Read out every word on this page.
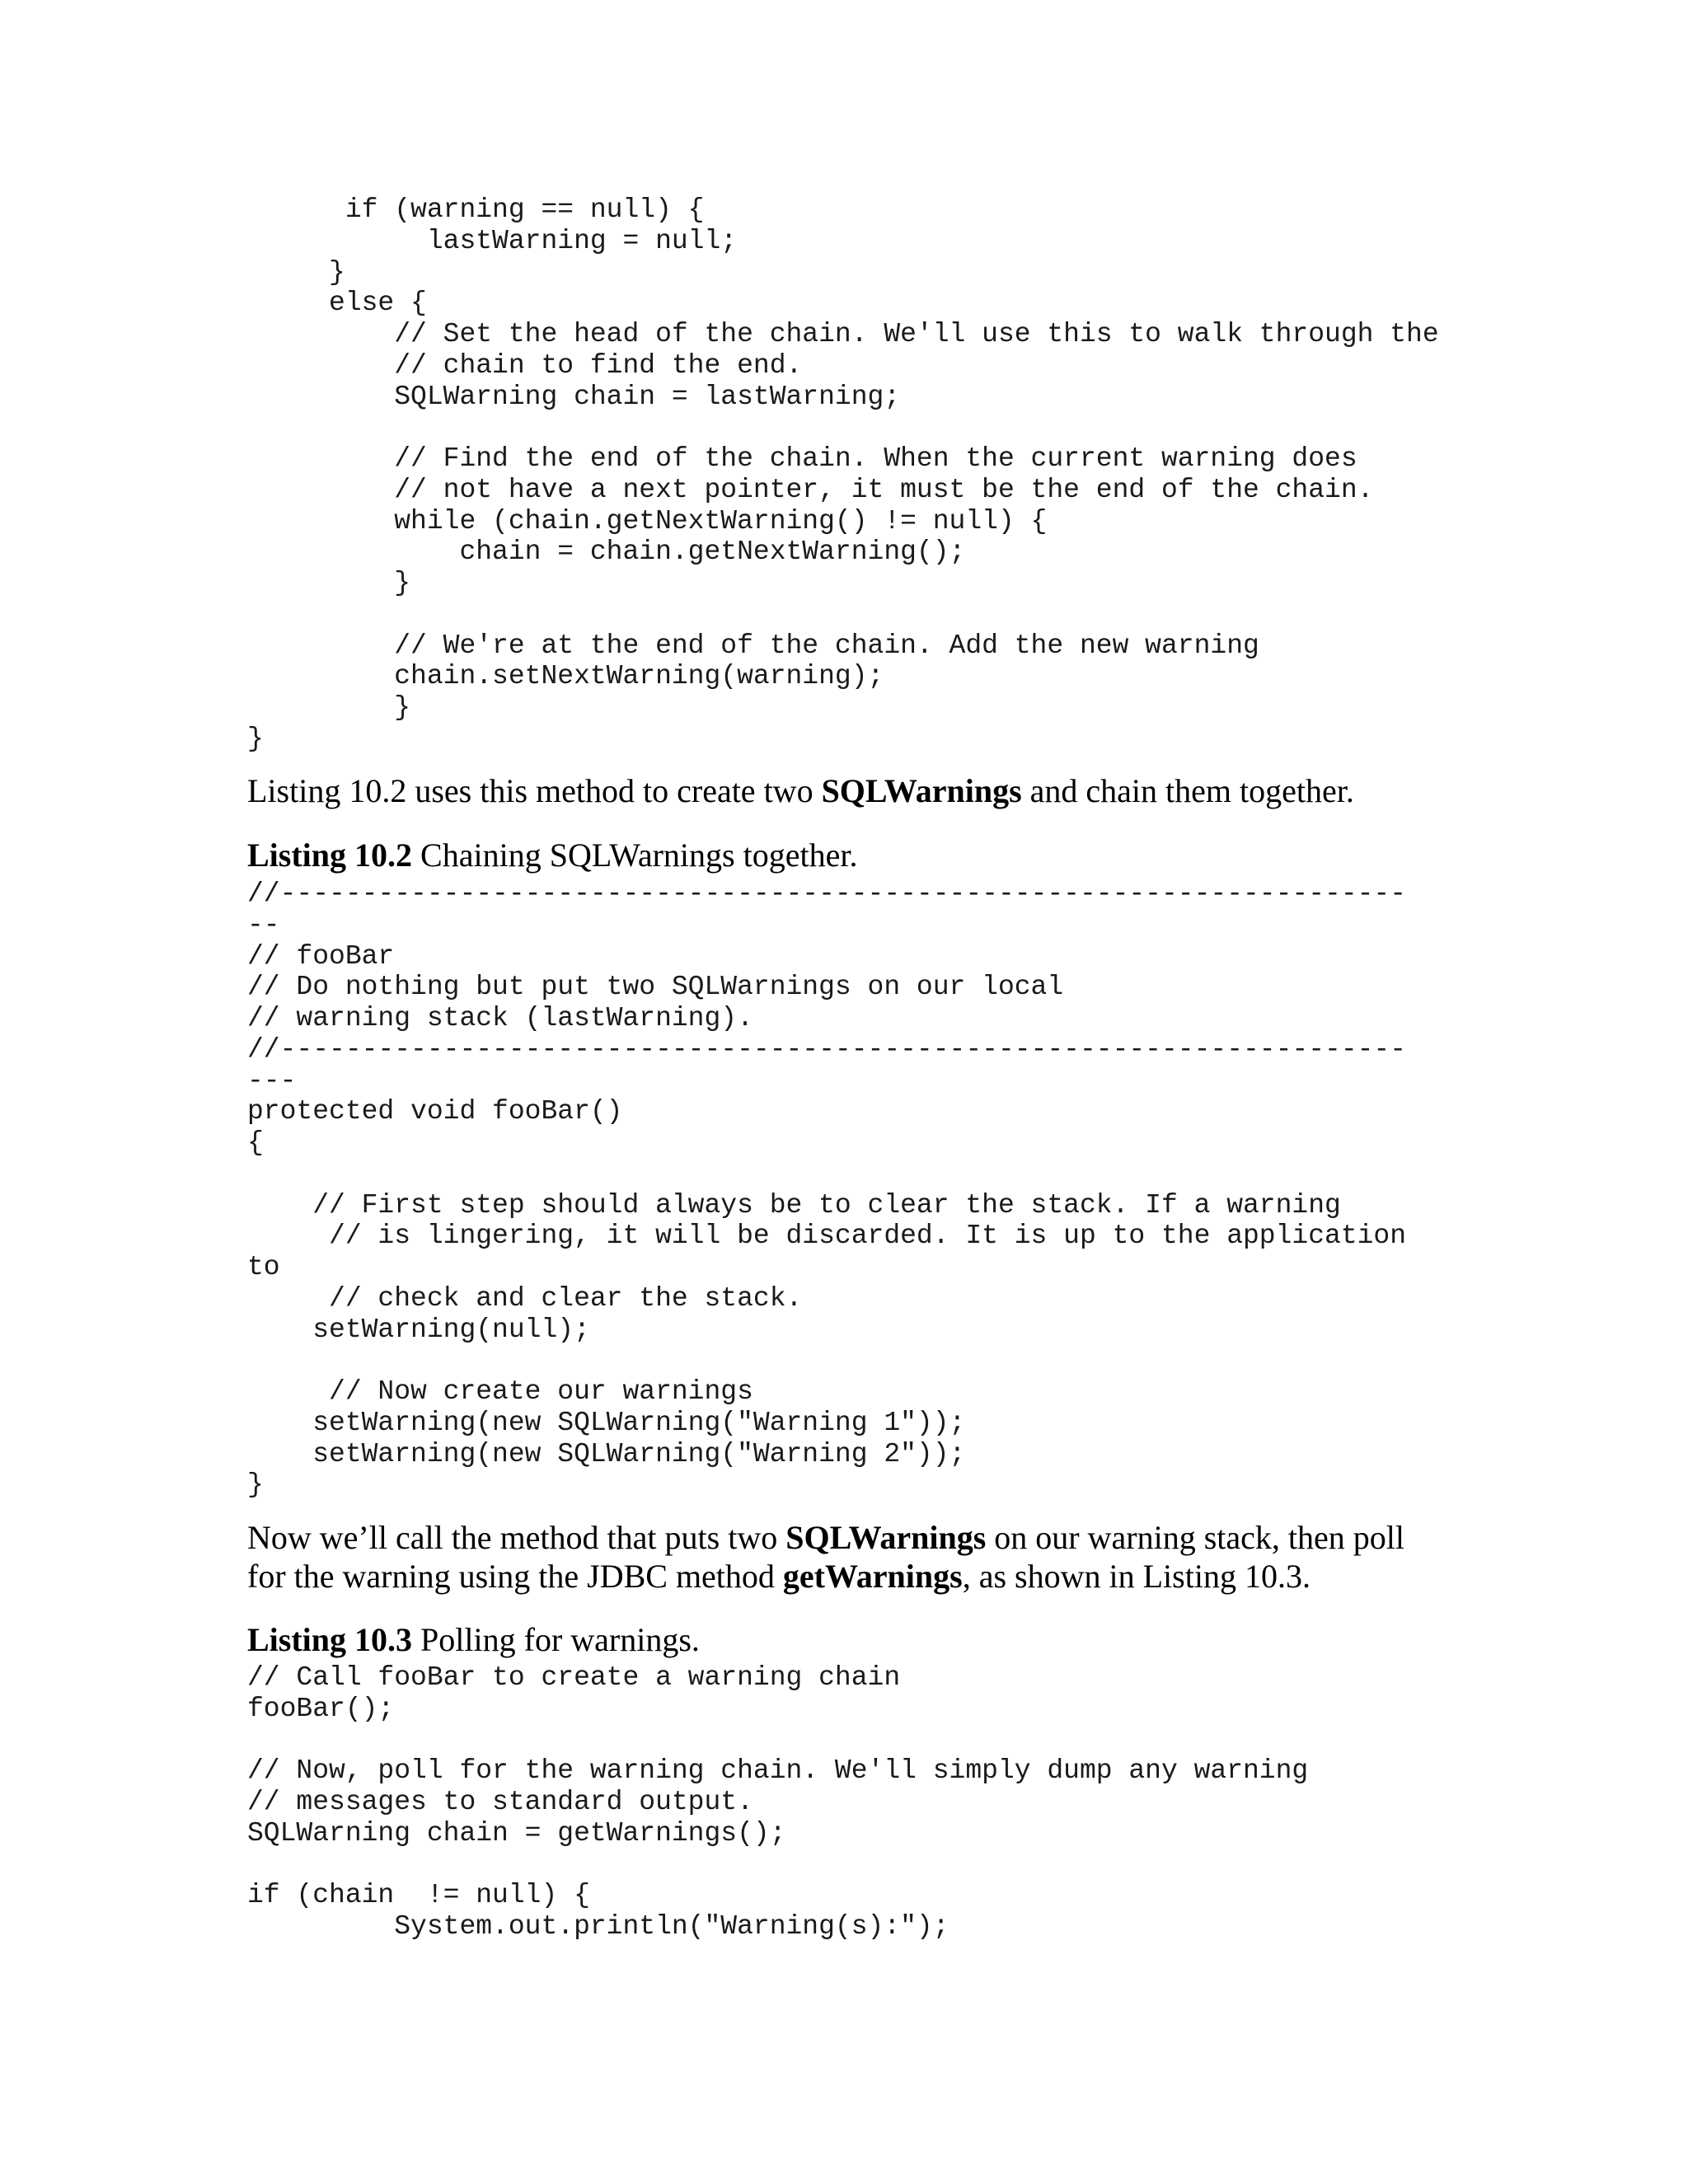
if (warning == null) {
lastWarning = null;
}
else {
// Set the head of the chain. We'll use this to walk through the
// chain to find the end.
SQLWarning chain = lastWarning;
// Find the end of the chain. When the current warning does
// not have a next pointer, it must be the end of the chain.
while (chain.getNextWarning() != null) {
chain = chain.getNextWarning();
}
// We're at the end of the chain. Add the new warning
chain.setNextWarning(warning);
}
}

Listing 10.2 uses this method to create two SQLWarnings and chain them together.

Listing 10.2 Chaining SQLWarnings together.

//---------------------------------------------------------------------
--
// fooBar
// Do nothing but put two SQLWarnings on our local
// warning stack (lastWarning).
//---------------------------------------------------------------------
---
protected void fooBar()
{
// First step should always be to clear the stack. If a warning
// is lingering, it will be discarded. It is up to the application
to
// check and clear the stack.
setWarning(null);
// Now create our warnings
setWarning(new SQLWarning("Warning 1"));
setWarning(new SQLWarning("Warning 2"));
}

Now we’ll call the method that puts two SQLWarnings on our warning stack, then poll for the warning using the JDBC method getWarnings, as shown in Listing 10.3.

Listing 10.3 Polling for warnings.

// Call fooBar to create a warning chain
fooBar();
// Now, poll for the warning chain. We'll simply dump any warning
// messages to standard output.
SQLWarning chain = getWarnings();
if (chain  != null) {
System.out.println("Warning(s):");
